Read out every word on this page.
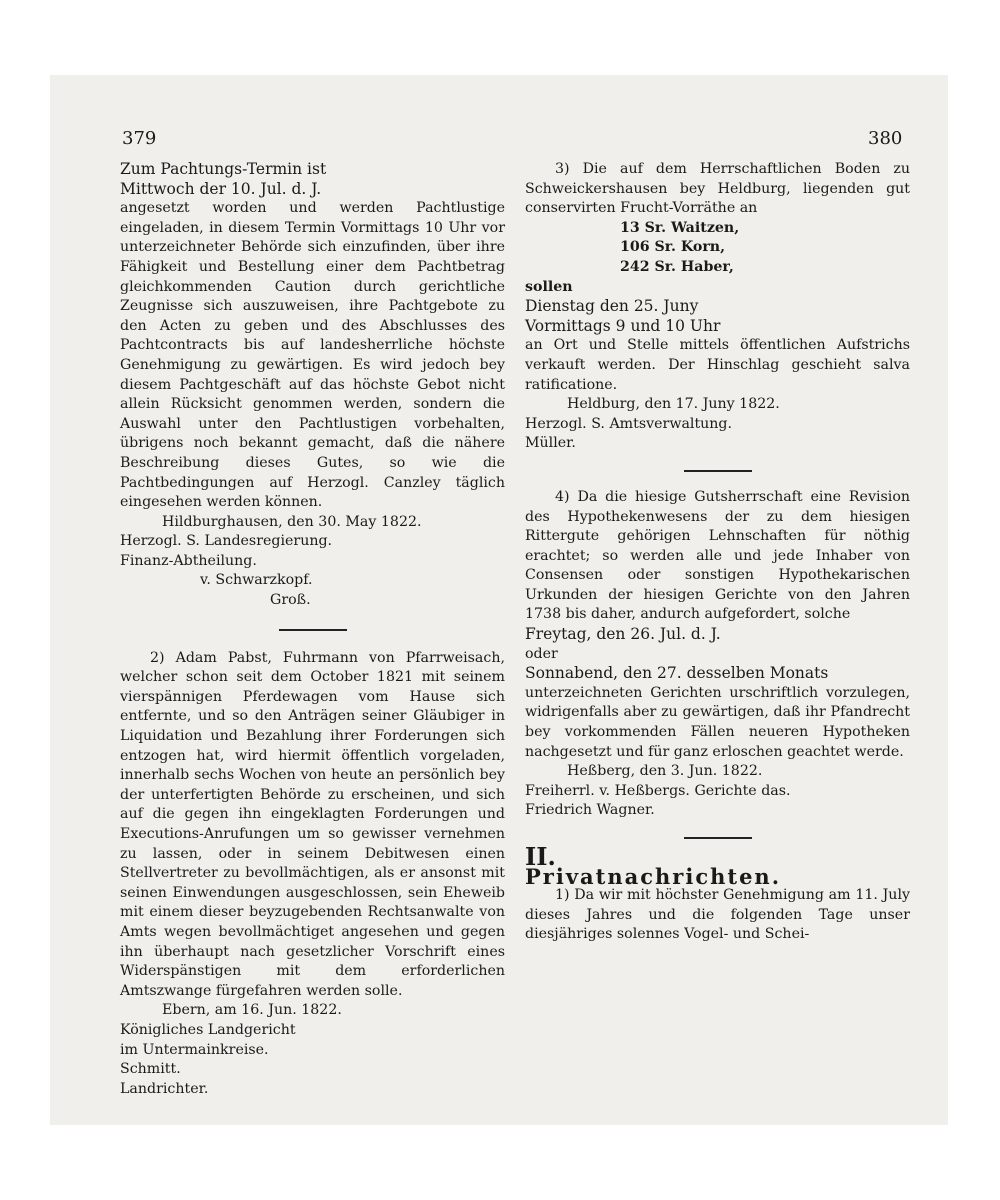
379	380

Zum Pachtungs-Termin ist

Mittwoch der 10. Jul. d. J.

angesetzt worden und werden Pachtlustige eingeladen, in diesem Termin Vormittags 10 Uhr vor unterzeichneter Behörde sich einzufinden, über ihre Fähigkeit und Bestellung einer dem Pachtbetrag gleichkommenden Caution durch gerichtliche Zeugnisse sich auszuweisen, ihre Pachtgebote zu den Acten zu geben und des Abschlusses des Pachtcontracts bis auf landesherrliche höchste Genehmigung zu gewärtigen. Es wird jedoch bey diesem Pachtgeschäft auf das höchste Gebot nicht allein Rücksicht genommen werden, sondern die Auswahl unter den Pachtlustigen vorbehalten, übrigens noch bekannt gemacht, daß die nähere Beschreibung dieses Gutes, so wie die Pachtbedingungen auf Herzogl. Canzley täglich eingesehen werden können.

Hildburghausen, den 30. May 1822.

Herzogl. S. Landesregierung.

Finanz-Abtheilung.

v. Schwarzkopf.

Groß.

2) Adam Pabst, Fuhrmann von Pfarrweisach, welcher schon seit dem October 1821 mit seinem vierspännigen Pferdewagen vom Hause sich entfernte, und so den Anträgen seiner Gläubiger in Liquidation und Bezahlung ihrer Forderungen sich entzogen hat, wird hiermit öffentlich vorgeladen, innerhalb sechs Wochen von heute an persönlich bey der unterfertigten Behörde zu erscheinen, und sich auf die gegen ihn eingeklagten Forderungen und Executions-Anrufungen um so gewisser vernehmen zu lassen, oder in seinem Debitwesen einen Stellvertreter zu bevollmächtigen, als er ansonst mit seinen Einwendungen ausgeschlossen, sein Eheweib mit einem dieser beyzugebenden Rechtsanwalte von Amts wegen bevollmächtiget angesehen und gegen ihn überhaupt nach gesetzlicher Vorschrift eines Widerspänstigen mit dem erforderlichen Amtszwange fürgefahren werden solle.

Ebern, am 16. Jun. 1822.

Königliches Landgericht

im Untermainkreise.

Schmitt.

Landrichter.

3) Die auf dem Herrschaftlichen Boden zu Schweickershausen bey Heldburg, liegenden gut conservirten Frucht-Vorräthe an

13 Sr. Waitzen,

106 Sr. Korn,

242 Sr. Haber,

sollen

Dienstag den 25. Juny

Vormittags 9 und 10 Uhr

an Ort und Stelle mittels öffentlichen Aufstrichs verkauft werden. Der Hinschlag geschieht salva ratificatione.

Heldburg, den 17. Juny 1822.

Herzogl. S. Amtsverwaltung.

Müller.

4) Da die hiesige Gutsherrschaft eine Revision des Hypothekenwesens der zu dem hiesigen Rittergute gehörigen Lehnschaften für nöthig erachtet; so werden alle und jede Inhaber von Consensen oder sonstigen Hypothekarischen Urkunden der hiesigen Gerichte von den Jahren 1738 bis daher, andurch aufgefordert, solche

Freytag, den 26. Jul. d. J.

oder

Sonnabend, den 27. desselben Monats

unterzeichneten Gerichten urschriftlich vorzulegen, widrigenfalls aber zu gewärtigen, daß ihr Pfandrecht bey vorkommenden Fällen neueren Hypotheken nachgesetzt und für ganz erloschen geachtet werde.

Heßberg, den 3. Jun. 1822.

Freiherrl. v. Heßbergs. Gerichte das.

Friedrich Wagner.

II.

Privatnachrichten.

1) Da wir mit höchster Genehmigung am 11. July dieses Jahres und die folgenden Tage unser diesjähriges solennes Vogel- und Schei-
